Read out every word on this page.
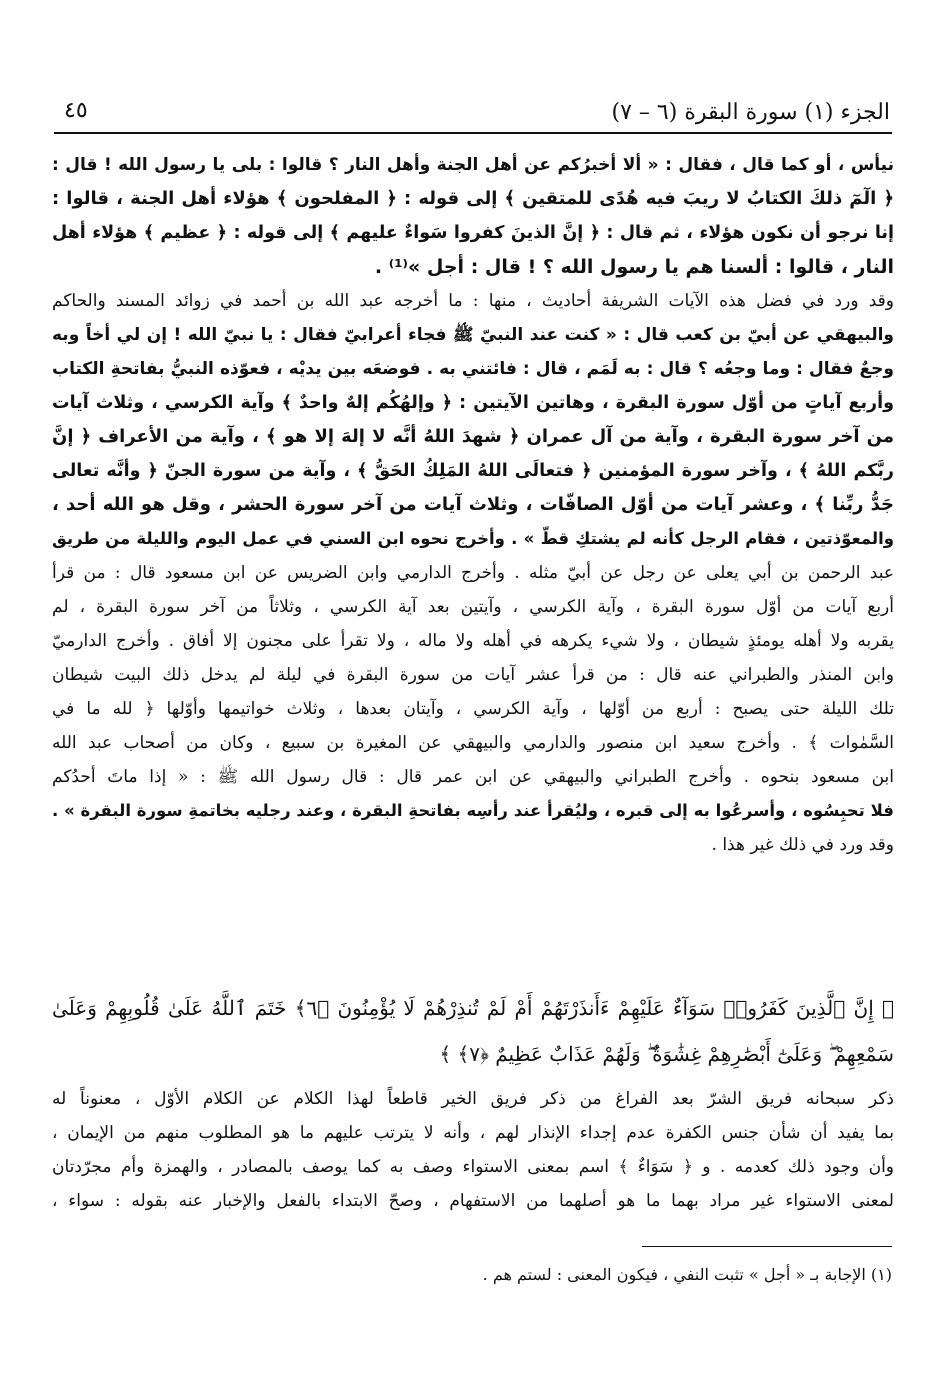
الجزء (١) سورة البقرة (٦ – ٧)
٤٥
نيأس ، أو كما قال ، فقال : « ألا أخبرُكم عن أهل الجنة وأهل النار ؟ قالوا : بلى يا رسول الله ! قال :
﴿ الٓمٓ ذلكَ الكتابُ لا ريبَ فيه هُدًى للمتقين ﴾ إلى قوله : ﴿ المفلحون ﴾ هؤلاء أهل الجنة ، قالوا :
إنا نرجو أن نكون هؤلاء ، ثم قال : ﴿ إنَّ الذينَ كفروا سَواءٌ عليهم ﴾ إلى قوله : ﴿ عظيم ﴾ هؤلاء أهل
النار ، قالوا : ألسنا هم يا رسول الله ؟ ! قال : أجل »⁽¹⁾ .
وقد ورد في فضل هذه الآيات الشريفة أحاديث ، منها : ما أخرجه عبد الله بن أحمد في زوائد المسند والحاكم
والبيهقي عن أبيّ بن كعب قال : « كنت عند النبيّ ﷺ فجاء أعرابيّ فقال : يا نبيّ الله ! إن لي أخاً وبه
وجعٌ فقال : وما وجعُه ؟ قال : به لَمَم ، قال : فائتني به . فوضعَه بين يديْه ، فعوّذه النبيُّ بفاتحةِ الكتاب
وأربع آياتٍ من أوّل سورة البقرة ، وهاتين الآيتين : ﴿ وإلهُكُم إلهٌ واحدٌ ﴾ وآية الكرسي ، وثلاث آيات
من آخر سورة البقرة ، وآية من آل عمران ﴿ شهدَ اللهُ أنَّه لا إلهَ إلا هو ﴾ ، وآية من الأعراف ﴿ إنَّ
ربَّكم اللهُ ﴾ ، وآخر سورة المؤمنين ﴿ فتعالَى اللهُ المَلِكُ الحَقُّ ﴾ ، وآية من سورة الجنّ ﴿ وأنَّه تعالى
جَدُّ ربِّنا ﴾ ، وعشر آيات من أوّل الصافّات ، وثلاث آيات من آخر سورة الحشر ، وقل هو الله أحد ،
والمعوّذتين ، فقام الرجل كأنه لم يشتكِ قطّ » . وأخرج نحوه ابن السني في عمل اليوم والليلة من طريق
عبد الرحمن بن أبي يعلى عن رجل عن أبيّ مثله . وأخرج الدارمي وابن الضريس عن ابن مسعود قال : من قرأ
أربع آيات من أوّل سورة البقرة ، وآية الكرسي ، وآيتين بعد آية الكرسي ، وثلاثاً من آخر سورة البقرة ، لم
يقربه ولا أهله يومئذٍ شيطان ، ولا شيء يكرهه في أهله ولا ماله ، ولا تقرأ على مجنون إلا أفاق . وأخرج الدارميّ
وابن المنذر والطبراني عنه قال : من قرأ عشر آيات من سورة البقرة في ليلة لم يدخل ذلك البيت شيطان
تلك الليلة حتى يصبح : أربع من أوّلها ، وآية الكرسي ، وآيتان بعدها ، وثلاث خواتيمها وأوّلها ﴿ لله ما في
السَّمٰوات ﴾ . وأخرج سعيد ابن منصور والدارمي والبيهقي عن المغيرة بن سبيع ، وكان من أصحاب عبد الله
ابن مسعود بنحوه . وأخرج الطبراني والبيهقي عن ابن عمر قال : قال رسول الله ﷺ : « إذا ماتَ أحدُكم
فلا تحبِسُوه ، وأسرعُوا به إلى قبره ، وليُقرأ عند رأسِه بفاتحةِ البقرة ، وعند رجليه بخاتمةِ سورة البقرة » .
وقد ورد في ذلك غير هذا .
﴿ إِنَّ ٱلَّذِينَ كَفَرُوا۟ سَوَآءٌ عَلَيْهِمْ ءَأَنذَرْتَهُمْ أَمْ لَمْ تُنذِرْهُمْ لَا يُؤْمِنُونَ ﴿٦﴾ خَتَمَ ٱللَّهُ عَلَىٰ قُلُوبِهِمْ وَعَلَىٰ
سَمْعِهِمْ ۖ وَعَلَىٰٓ أَبْصَٰرِهِمْ غِشَٰوَةٌ ۖ وَلَهُمْ عَذَابٌ عَظِيمٌ ﴿٧﴾ ﴾
ذكر سبحانه فريق الشرّ بعد الفراغ من ذكر فريق الخير قاطعاً لهذا الكلام عن الكلام الأوّل ، معنوناً له
بما يفيد أن شأن جنس الكفرة عدم إجداء الإنذار لهم ، وأنه لا يترتب عليهم ما هو المطلوب منهم من الإيمان ،
وأن وجود ذلك كعدمه . و ﴿ سَوَاءٌ ﴾ اسم بمعنى الاستواء وصف به كما يوصف بالمصادر ، والهمزة وأم مجرّدتان
لمعنى الاستواء غير مراد بهما ما هو أصلهما من الاستفهام ، وصحّ الابتداء بالفعل والإخبار عنه بقوله : سواء ،
(١) الإجابة بـ « أجل » تثبت النفي ، فيكون المعنى : لستم هم .
